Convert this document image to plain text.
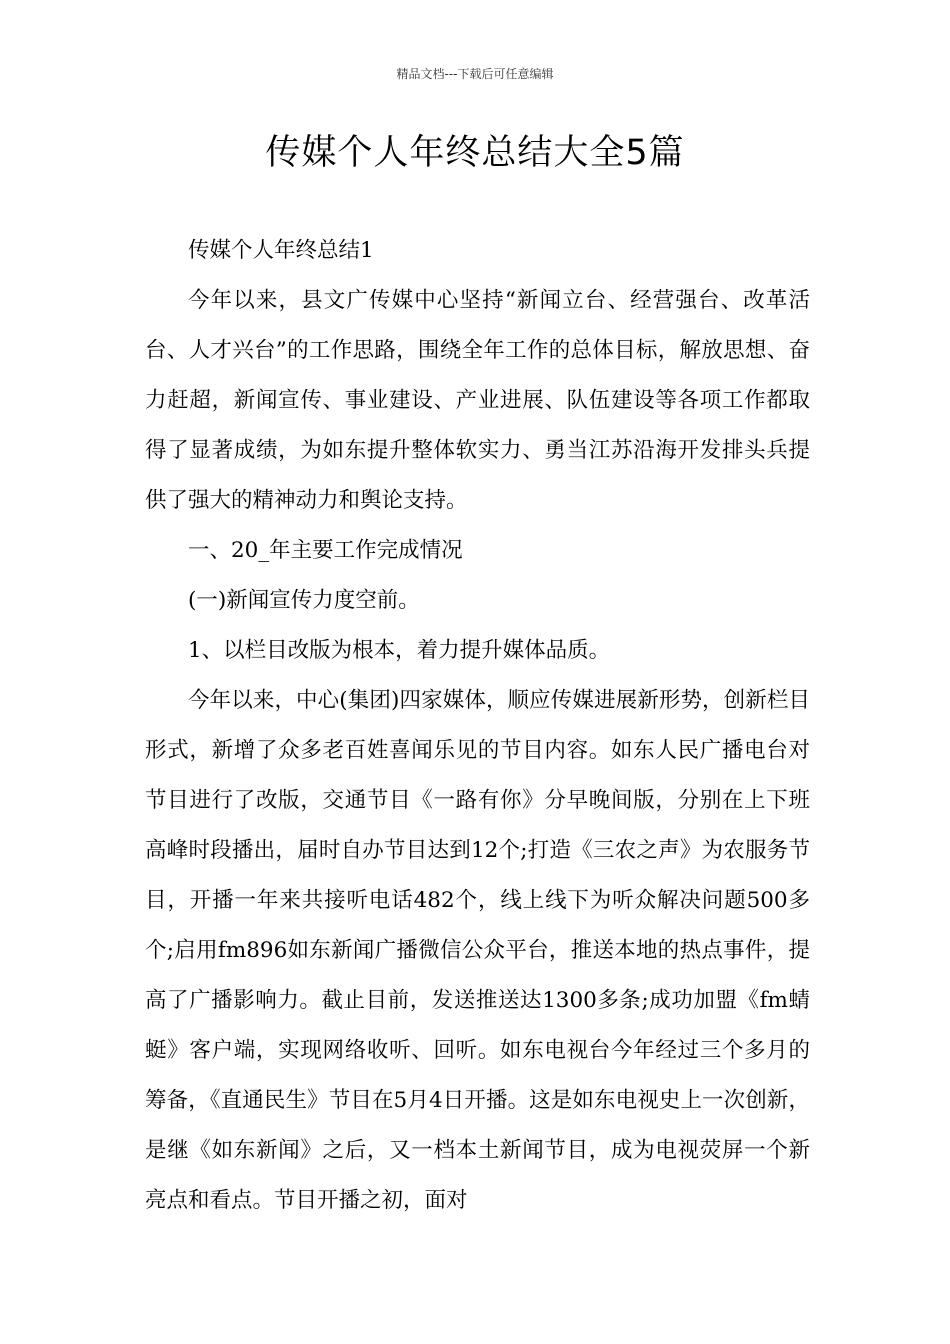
精品文档---下载后可任意编辑
传媒个人年终总结大全5篇

传媒个人年终总结1

今年以来，县文广传媒中心坚持“新闻立台、经营强台、改革活台、人才兴台”的工作思路，围绕全年工作的总体目标，解放思想、奋力赶超，新闻宣传、事业建设、产业进展、队伍建设等各项工作都取得了显著成绩，为如东提升整体软实力、勇当江苏沿海开发排头兵提供了强大的精神动力和舆论支持。

一、20_年主要工作完成情况

(一)新闻宣传力度空前。

1、以栏目改版为根本，着力提升媒体品质。

今年以来，中心(集团)四家媒体，顺应传媒进展新形势，创新栏目形式，新增了众多老百姓喜闻乐见的节目内容。如东人民广播电台对节目进行了改版，交通节目《一路有你》分早晚间版，分别在上下班高峰时段播出，届时自办节目达到12个;打造《三农之声》为农服务节目，开播一年来共接听电话482个，线上线下为听众解决问题500多个;启用fm896如东新闻广播微信公众平台，推送本地的热点事件，提高了广播影响力。截止目前，发送推送达1300多条;成功加盟《fm蜻蜓》客户端，实现网络收听、回听。如东电视台今年经过三个多月的筹备，《直通民生》节目在5月4日开播。这是如东电视史上一次创新，是继《如东新闻》之后，又一档本土新闻节目，成为电视荧屏一个新亮点和看点。节目开播之初，面对
